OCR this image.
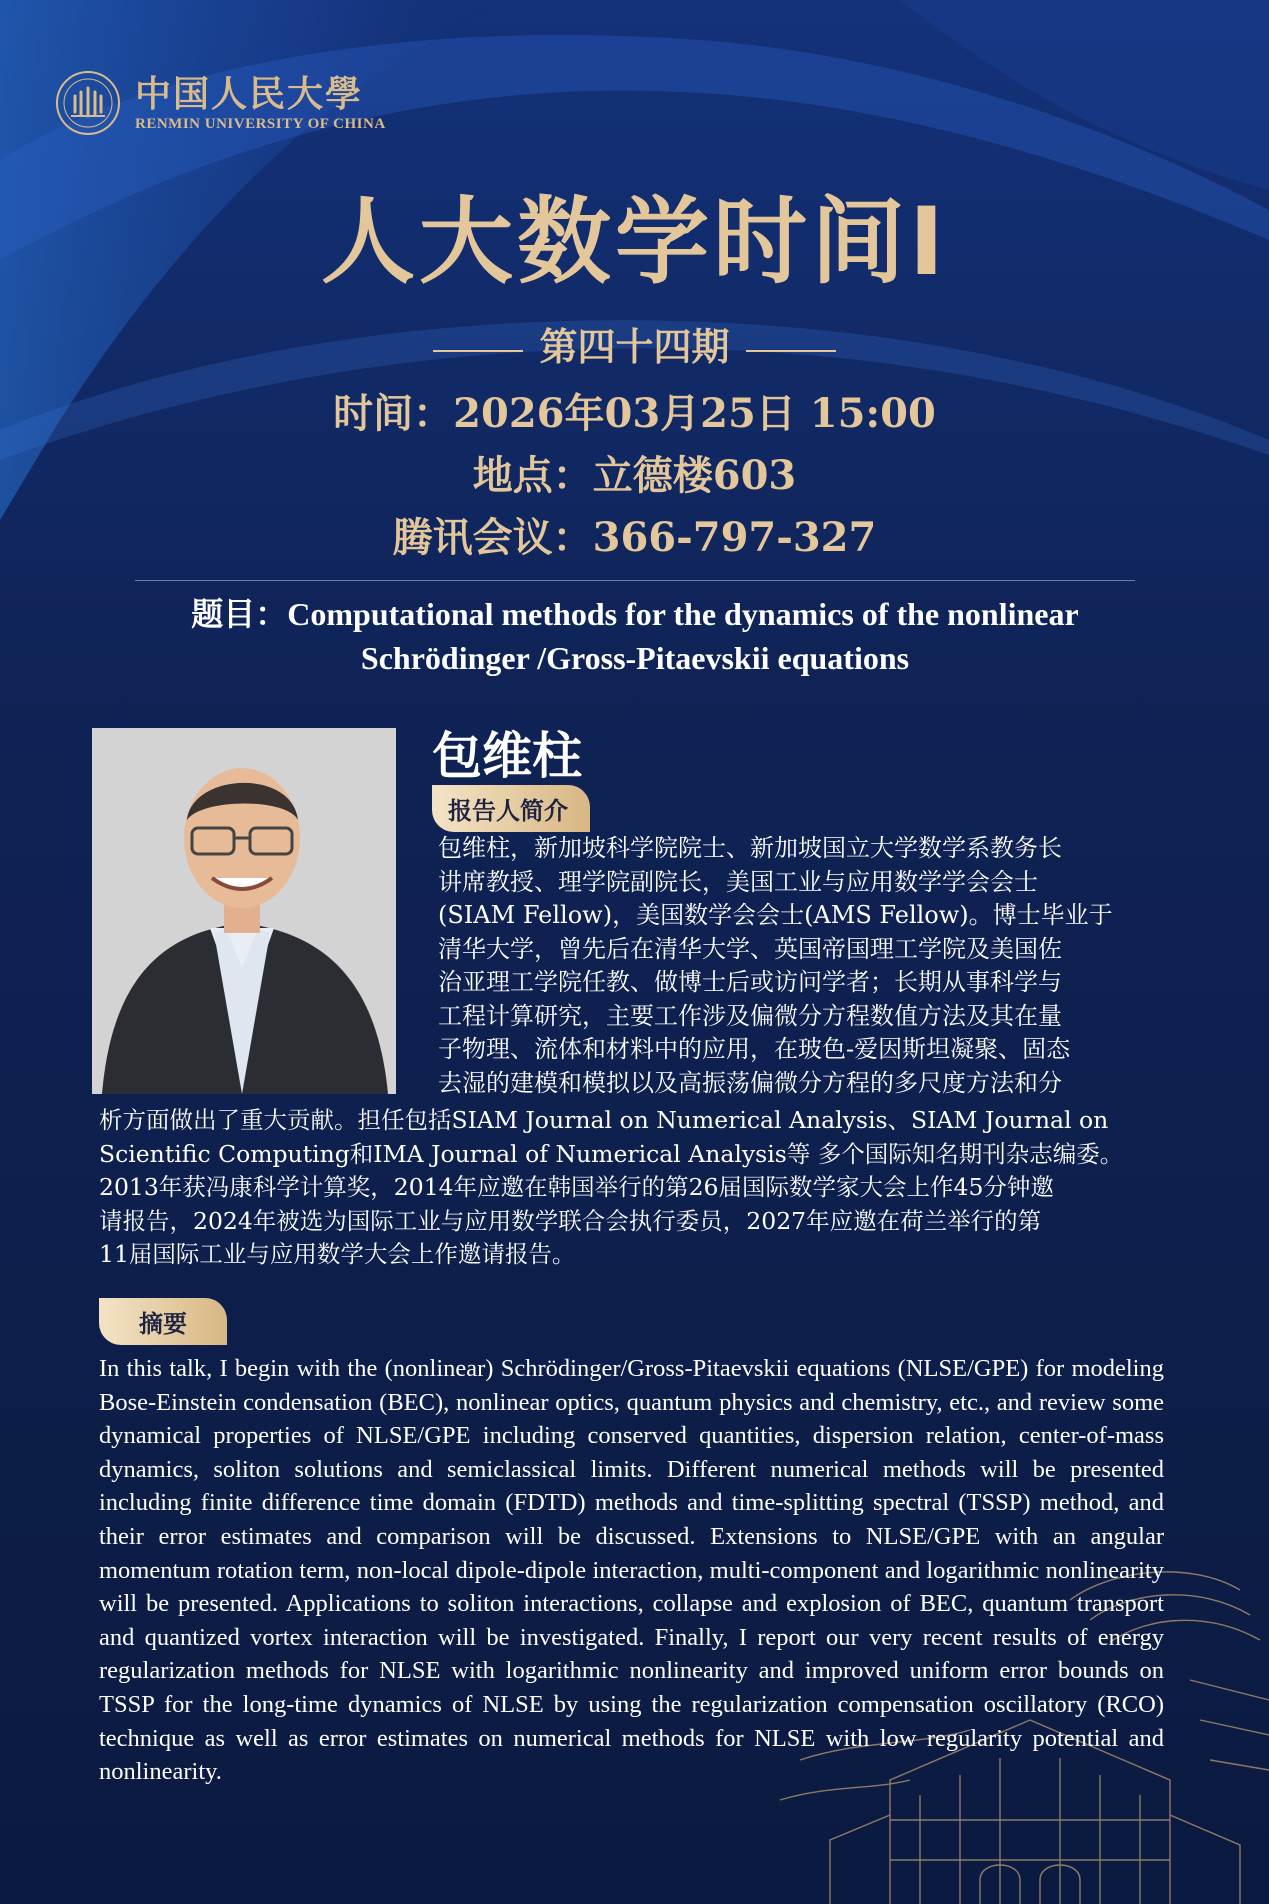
中国人民大學
RENMIN UNIVERSITY OF CHINA
人大数学时间Ⅰ
第四十四期
时间：2026年03月25日 15:00
地点：立德楼603
腾讯会议：366-797-327
题目：Computational methods for the dynamics of the nonlinear
Schrödinger /Gross-Pitaevskii equations
包维柱
报告人简介
包维柱，新加坡科学院院士、新加坡国立大学数学系教务长
讲席教授、理学院副院长，美国工业与应用数学学会会士
(SIAM Fellow)，美国数学会会士(AMS Fellow)。博士毕业于
清华大学，曾先后在清华大学、英国帝国理工学院及美国佐
治亚理工学院任教、做博士后或访问学者；长期从事科学与
工程计算研究，主要工作涉及偏微分方程数值方法及其在量
子物理、流体和材料中的应用，在玻色-爱因斯坦凝聚、固态
去湿的建模和模拟以及高振荡偏微分方程的多尺度方法和分
析方面做出了重大贡献。担任包括SIAM Journal on Numerical Analysis、SIAM Journal on
Scientific Computing和IMA Journal of Numerical Analysis等 多个国际知名期刊杂志编委。
2013年获冯康科学计算奖，2014年应邀在韩国举行的第26届国际数学家大会上作45分钟邀
请报告，2024年被选为国际工业与应用数学联合会执行委员，2027年应邀在荷兰举行的第
11届国际工业与应用数学大会上作邀请报告。
摘要
In this talk, I begin with the (nonlinear) Schrödinger/Gross-Pitaevskii equations (NLSE/GPE) for modeling Bose-Einstein condensation (BEC), nonlinear optics, quantum physics and chemistry, etc., and review some dynamical properties of NLSE/GPE including conserved quantities, dispersion relation, center-of-mass dynamics, soliton solutions and semiclassical limits. Different numerical methods will be presented including finite difference time domain (FDTD) methods and time-splitting spectral (TSSP) method, and their error estimates and comparison will be discussed. Extensions to NLSE/GPE with an angular momentum rotation term, non-local dipole-dipole interaction, multi-component and logarithmic nonlinearity will be presented. Applications to soliton interactions, collapse and explosion of BEC, quantum transport and quantized vortex interaction will be investigated. Finally, I report our very recent results of energy regularization methods for NLSE with logarithmic nonlinearity and improved uniform error bounds on TSSP for the long-time dynamics of NLSE by using the regularization compensation oscillatory (RCO) technique as well as error estimates on numerical methods for NLSE with low regularity potential and nonlinearity.
